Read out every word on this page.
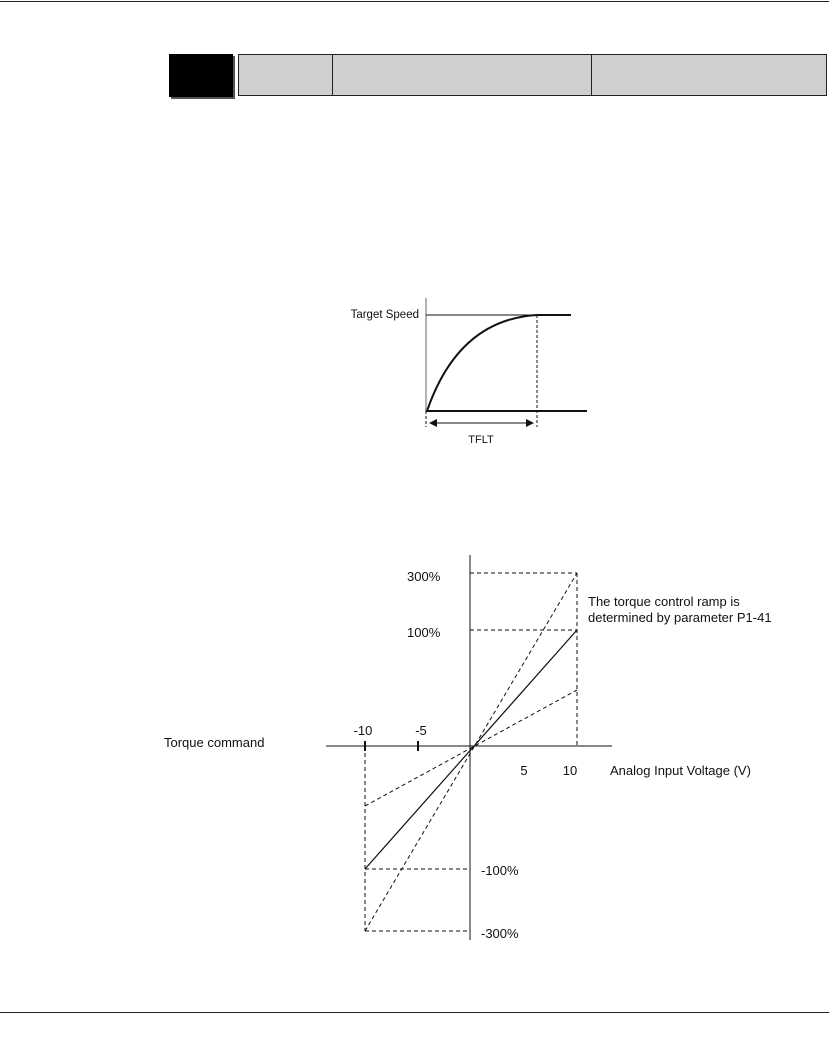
Target Speed
TFLT
300%
100%
-100%
-300%
-10	-5
5	10
Torque command
Analog Input Voltage (V)
The torque control ramp is
determined by parameter P1-41
